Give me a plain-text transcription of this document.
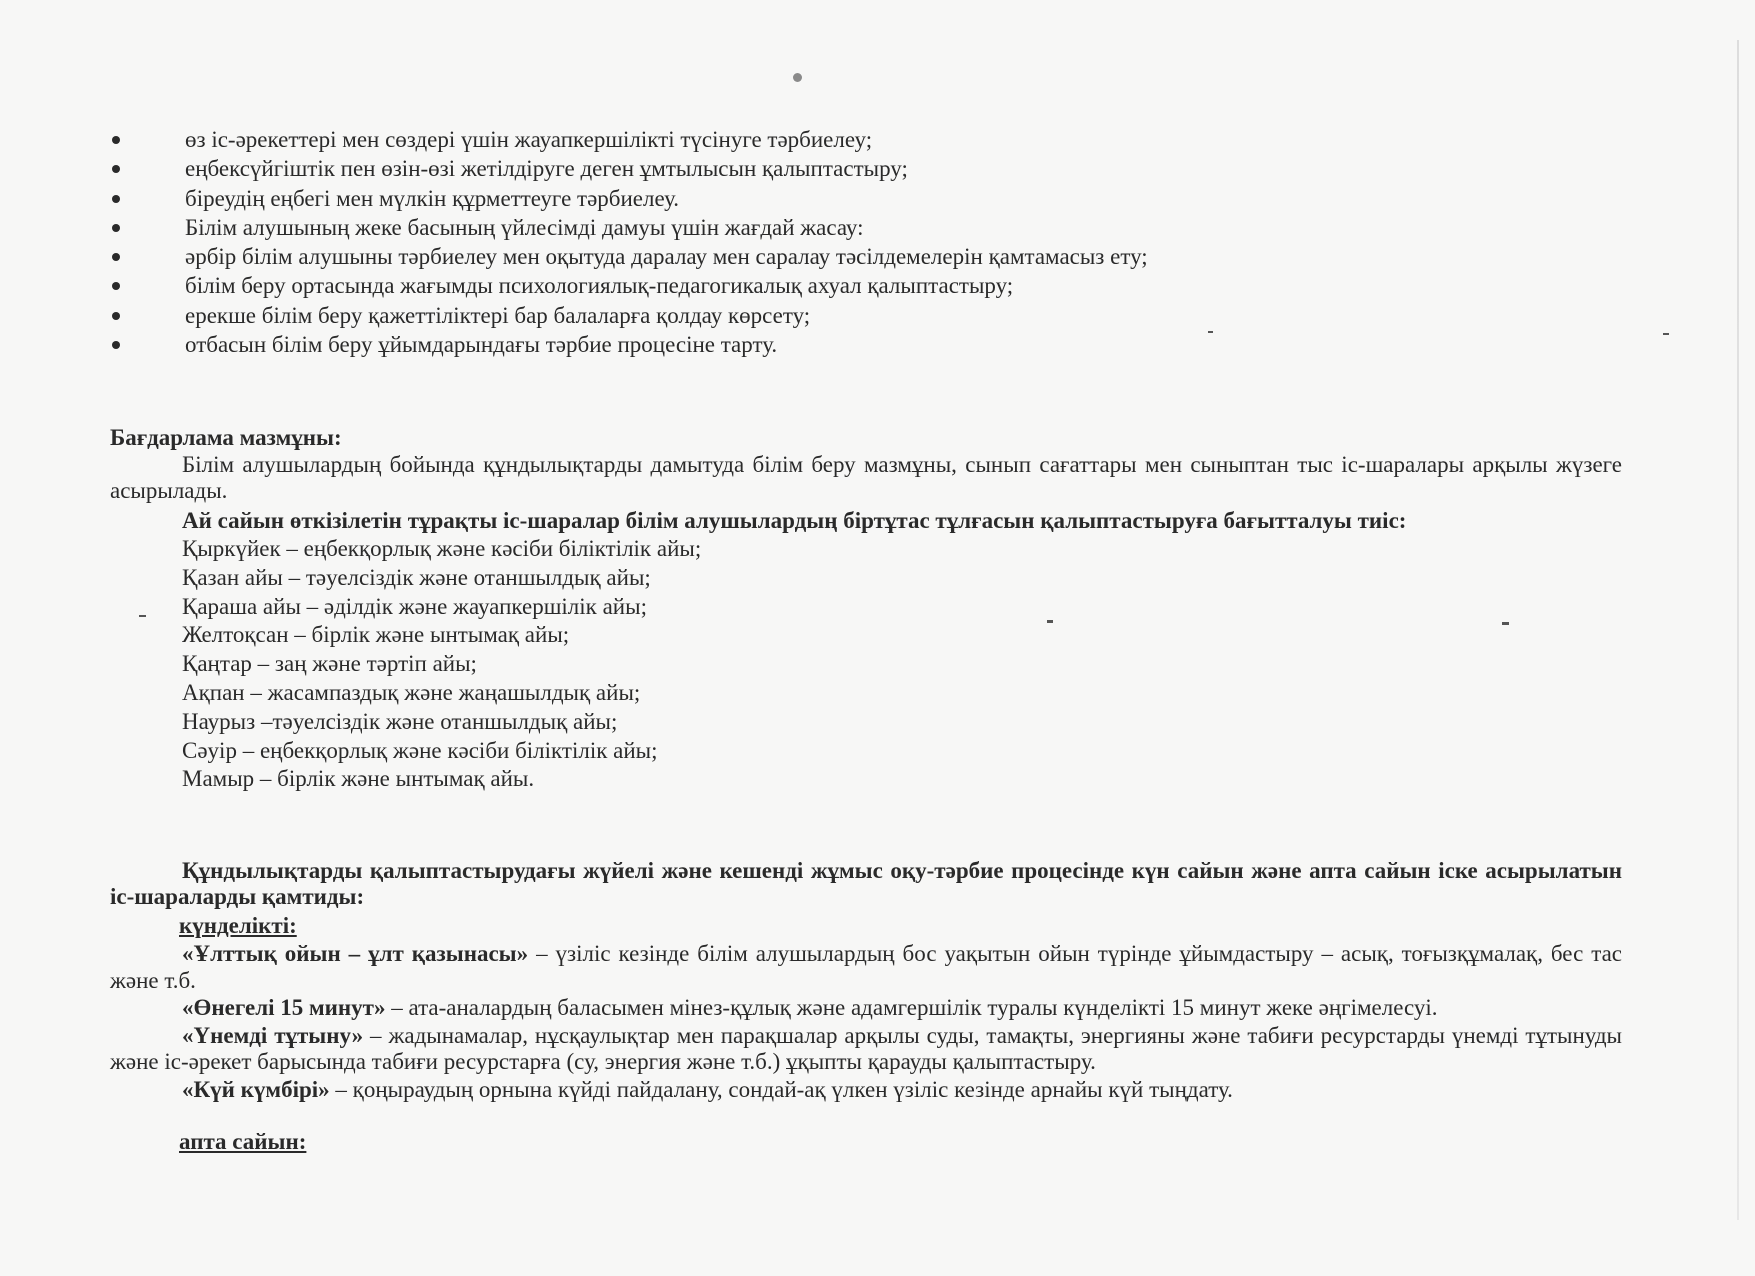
өз іс-әрекеттері мен сөздері үшін жауапкершілікті түсінуге тәрбиелеу;
еңбексүйгіштік пен өзін-өзі жетілдіруге деген ұмтылысын қалыптастыру;
біреудің еңбегі мен мүлкін құрметтеуге тәрбиелеу.
Білім алушының жеке басының үйлесімді дамуы үшін жағдай жасау:
әрбір білім алушыны тәрбиелеу мен оқытуда даралау мен саралау тәсілдемелерін қамтамасыз ету;
білім беру ортасында жағымды психологиялық-педагогикалық ахуал қалыптастыру;
ерекше білім беру қажеттіліктері бар балаларға қолдау көрсету;
отбасын білім беру ұйымдарындағы тәрбие процесіне тарту.
Бағдарлама мазмұны:
Білім алушылардың бойында құндылықтарды дамытуда білім беру мазмұны, сынып сағаттары мен сыныптан тыс іс-шаралары арқылы жүзеге асырылады.
Ай сайын өткізілетін тұрақты іс-шаралар білім алушылардың біртұтас тұлғасын қалыптастыруға бағытталуы тиіс:
Қыркүйек – еңбекқорлық және кәсіби біліктілік айы;
Қазан айы – тәуелсіздік және отаншылдық айы;
Қараша айы – әділдік және жауапкершілік айы;
Желтоқсан – бірлік және ынтымақ айы;
Қаңтар – заң және тәртіп айы;
Ақпан – жасампаздық және жаңашылдық айы;
Наурыз –тәуелсіздік және отаншылдық айы;
Сәуір – еңбекқорлық және кәсіби біліктілік айы;
Мамыр – бірлік және ынтымақ айы.
Құндылықтарды қалыптастырудағы жүйелі және кешенді жұмыс оқу-тәрбие процесінде күн сайын және апта сайын іске асырылатын іс-шараларды қамтиды:
күнделікті:
«Ұлттық ойын – ұлт қазынасы» – үзіліс кезінде білім алушылардың бос уақытын ойын түрінде ұйымдастыру – асық, тоғызқұмалақ, бес тас және т.б.
«Өнегелі 15 минут» – ата-аналардың баласымен мінез-құлық және адамгершілік туралы күнделікті 15 минут жеке әңгімелесуі.
«Үнемді тұтыну» – жадынамалар, нұсқаулықтар мен парақшалар арқылы суды, тамақты, энергияны және табиғи ресурстарды үнемді тұтынуды және іс-әрекет барысында табиғи ресурстарға (су, энергия және т.б.) ұқыпты қарауды қалыптастыру.
«Күй күмбірі» – қоңыраудың орнына күйді пайдалану, сондай-ақ үлкен үзіліс кезінде арнайы күй тыңдату.
апта сайын:
